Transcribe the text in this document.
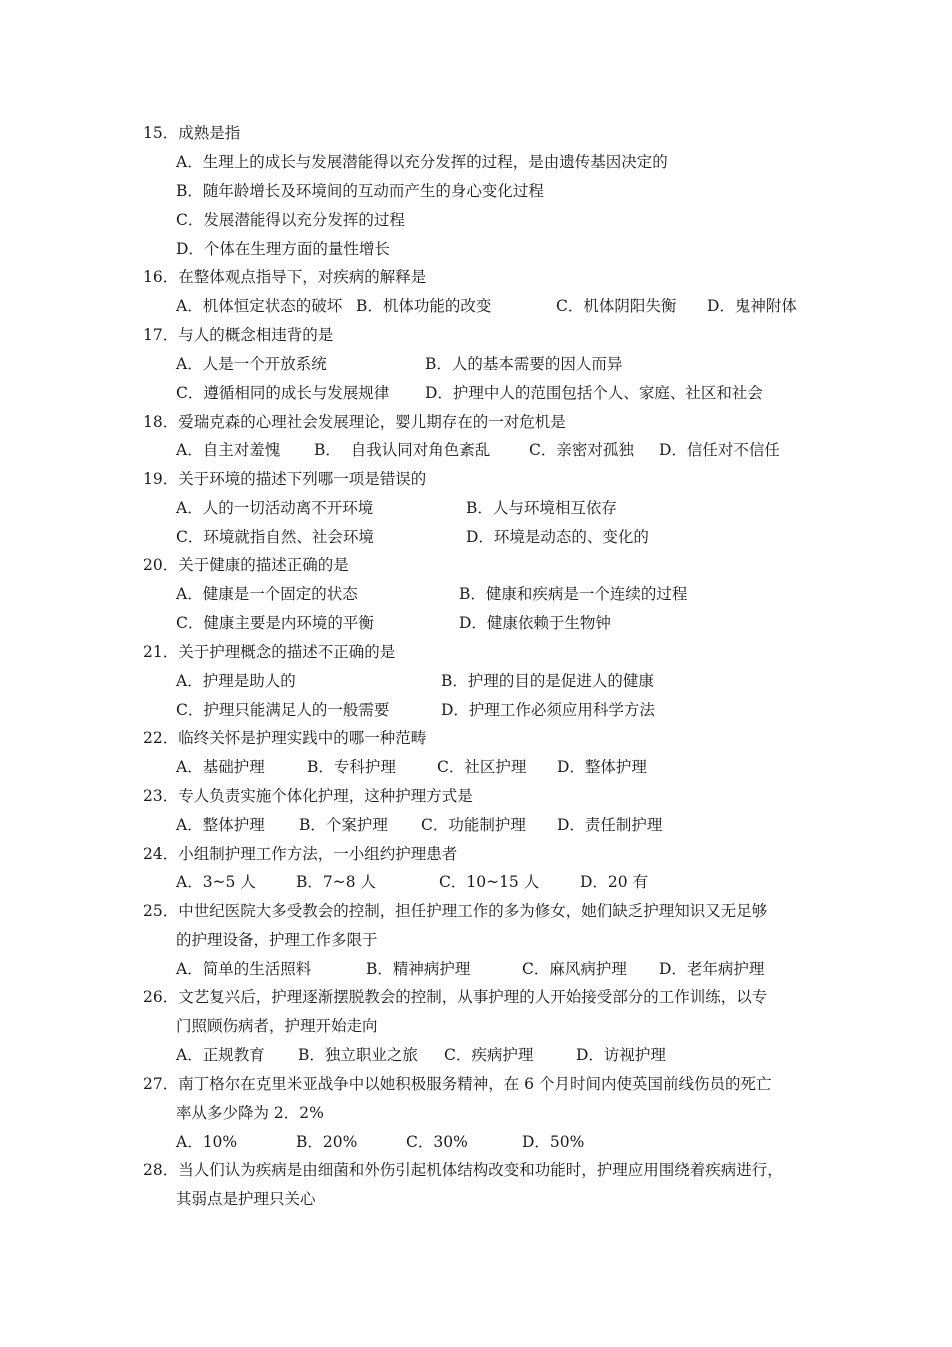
15．成熟是指
A．生理上的成长与发展潜能得以充分发挥的过程，是由遗传基因决定的
B．随年龄增长及环境间的互动而产生的身心变化过程
C．发展潜能得以充分发挥的过程
D．个体在生理方面的量性增长
16．在整体观点指导下，对疾病的解释是
A．机体恒定状态的破坏 B．机体功能的改变	C．机体阴阳失衡 D．鬼神附体
17．与人的概念相违背的是
A．人是一个开放系统	B．人的基本需要的因人而异
C．遵循相同的成长与发展规律 D．护理中人的范围包括个人、家庭、社区和社会
18．爱瑞克森的心理社会发展理论，婴儿期存在的一对危机是
A．自主对羞愧 B．  自我认同对角色紊乱	C．亲密对孤独 D．信任对不信任
19．关于环境的描述下列哪一项是错误的
A．人的一切活动离不开环境	B．人与环境相互依存
C．环境就指自然、社会环境	D．环境是动态的、变化的
20．关于健康的描述正确的是
A．健康是一个固定的状态	B．健康和疾病是一个连续的过程
C．健康主要是内环境的平衡	D．健康依赖于生物钟
21．关于护理概念的描述不正确的是
A．护理是助人的	B．护理的目的是促进人的健康
C．护理只能满足人的一般需要	D．护理工作必须应用科学方法
22．临终关怀是护理实践中的哪一种范畴
A．基础护理	B．专科护理	C．社区护理 D．整体护理
23．专人负责实施个体化护理，这种护理方式是
A．整体护理 B．个案护理 C．功能制护理 D．责任制护理
24．小组制护理工作方法，一小组约护理患者
A．3~5 人	B．7~8 人	C．10~15 人	D．20 有
25．中世纪医院大多受教会的控制，担任护理工作的多为修女，她们缺乏护理知识又无足够
的护理设备，护理工作多限于
A．简单的生活照料	B．精神病护理	C．麻风病护理 D．老年病护理
26．文艺复兴后，护理逐渐摆脱教会的控制，从事护理的人开始接受部分的工作训练，以专
门照顾伤病者，护理开始走向
A．正规教育 B．独立职业之旅 C．疾病护理	D．访视护理
27．南丁格尔在克里米亚战争中以她积极服务精神，在 6 个月时间内使英国前线伤员的死亡
率从多少降为 2．2%
A．10%	B．20%	C．30%	D．50%
28．当人们认为疾病是由细菌和外伤引起机体结构改变和功能时，护理应用围绕着疾病进行，
其弱点是护理只关心
